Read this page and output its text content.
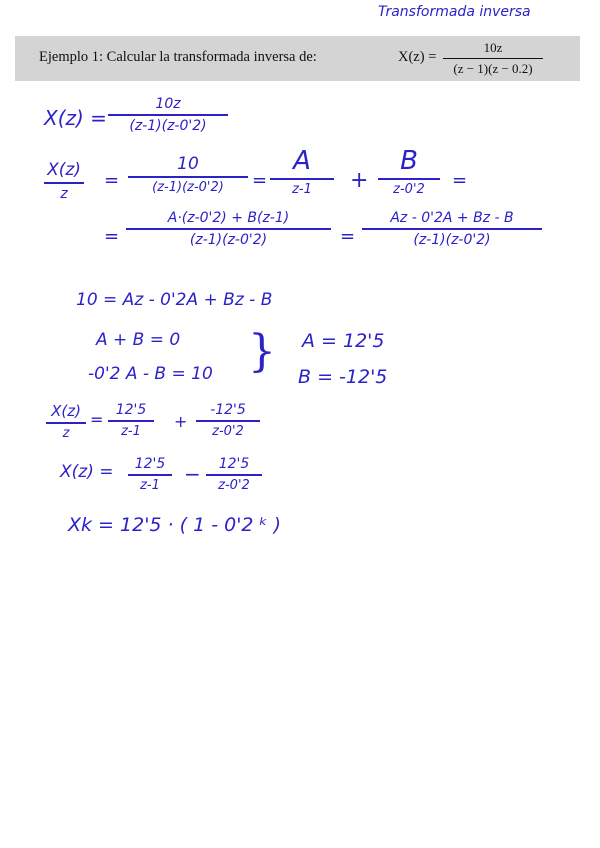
Transformada inversa
Ejemplo 1: Calcular la transformada inversa de:	X(z) =
10z
(z − 1)(z − 0.2)
X(z) =
10z
(z-1)(z-0'2)
X(z)
z
=
10
(z-1)(z-0'2)	=
A
z-1	+
B
z-0'2	=
=
A·(z-0'2) + B(z-1)
(z-1)(z-0'2)	=
Az - 0'2A + Bz - B
(z-1)(z-0'2)
10 = Az - 0'2A + Bz - B
A + B = 0
-0'2 A - B = 10 } A = 12'5
B = -12'5
X(z)
z
= 12'5
z-1	+
-12'5
z-0'2
X(z) =	12'5
z-1	−	12'5
z-0'2
Xk = 12'5 · ( 1 - 0'2 ᵏ )
